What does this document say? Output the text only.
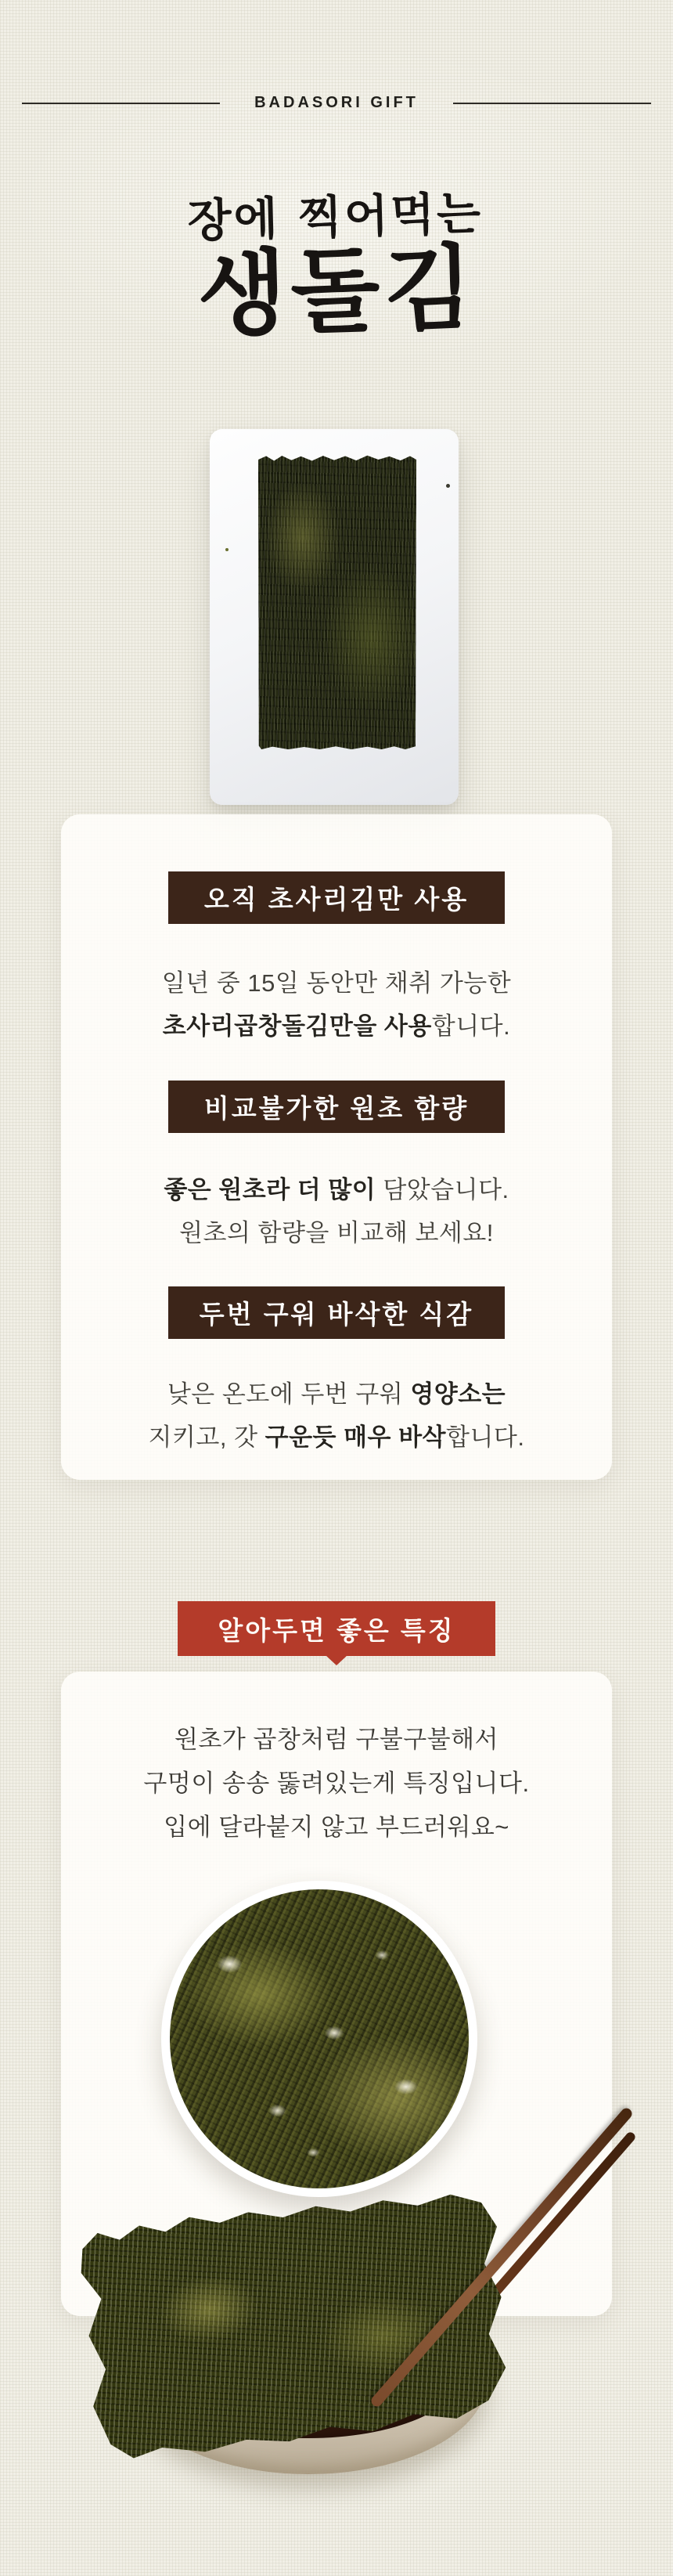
BADASORI GIFT
장에 찍어먹는
생돌김
오직 초사리김만 사용
일년 중 15일 동안만 채취 가능한
초사리곱창돌김만을 사용합니다.
비교불가한 원초 함량
좋은 원초라 더 많이 담았습니다.
원초의 함량을 비교해 보세요!
두번 구워 바삭한 식감
낮은 온도에 두번 구워 영양소는
지키고, 갓 구운듯 매우 바삭합니다.
알아두면 좋은 특징
원초가 곱창처럼 구불구불해서
구멍이 송송 뚫려있는게 특징입니다.
입에 달라붙지 않고 부드러워요~
